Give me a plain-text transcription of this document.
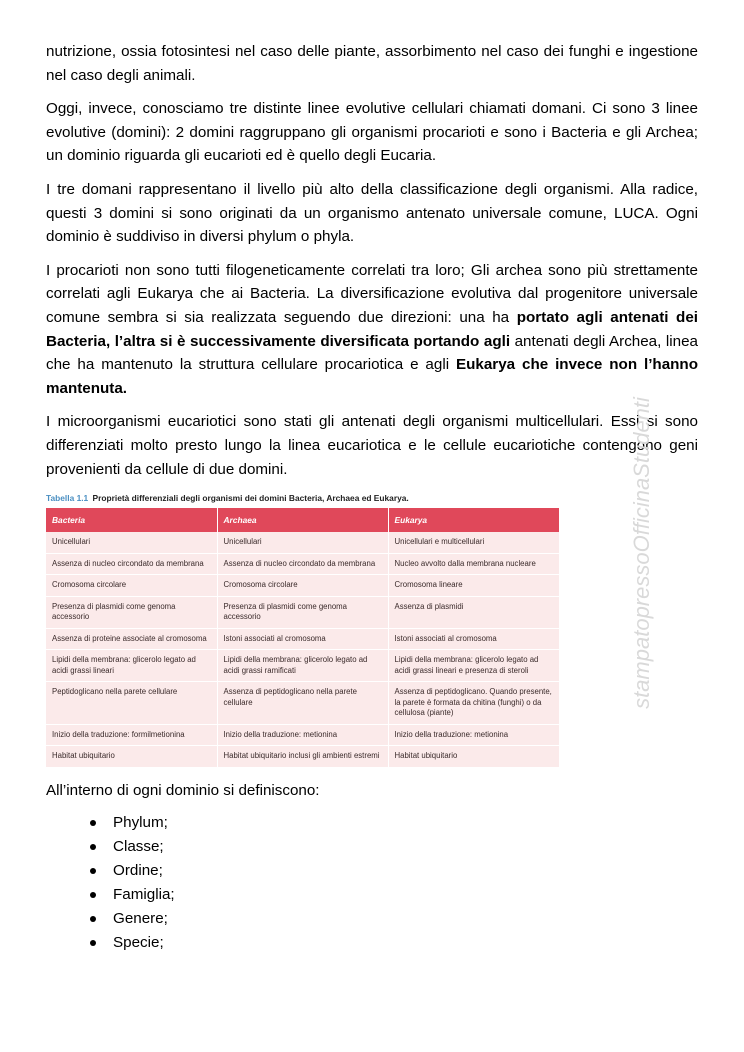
nutrizione, ossia fotosintesi nel caso delle piante, assorbimento nel caso dei funghi e ingestione nel caso degli animali.

Oggi, invece, conosciamo tre distinte linee evolutive cellulari chiamati domani. Ci sono 3 linee evolutive (domini): 2 domini raggruppano gli organismi procarioti e sono i Bacteria e gli Archea; un dominio riguarda gli eucarioti ed è quello degli Eucaria.

I tre domani rappresentano il livello più alto della classificazione degli organismi. Alla radice, questi 3 domini si sono originati da un organismo antenato universale comune, LUCA. Ogni dominio è suddiviso in diversi phylum o phyla.

I procarioti non sono tutti filogeneticamente correlati tra loro; Gli archea sono più strettamente correlati agli Eukarya che ai Bacteria. La diversificazione evolutiva dal progenitore universale comune sembra si sia realizzata seguendo due direzioni: una ha portato agli antenati dei Bacteria, l’altra si è successivamente diversificata portando agli antenati degli Archea, linea che ha mantenuto la struttura cellulare procariotica e agli Eukarya che invece non l’hanno mantenuta.

I microorganismi eucariotici sono stati gli antenati degli organismi multicellulari. Essi si sono differenziati molto presto lungo la linea eucariotica e le cellule eucariotiche contengono geni provenienti da cellule di due domini.

Tabella 1.1 Proprietà differenziali degli organismi dei domini Bacteria, Archaea ed Eukarya.
Bacteria	Archaea	Eukarya
Unicellulari	Unicellulari	Unicellulari e multicellulari
Assenza di nucleo circondato da membrana	Assenza di nucleo circondato da membrana	Nucleo avvolto dalla membrana nucleare
Cromosoma circolare	Cromosoma circolare	Cromosoma lineare
Presenza di plasmidi come genoma accessorio	Presenza di plasmidi come genoma accessorio	Assenza di plasmidi
Assenza di proteine associate al cromosoma	Istoni associati al cromosoma	Istoni associati al cromosoma
Lipidi della membrana: glicerolo legato ad acidi grassi lineari	Lipidi della membrana: glicerolo legato ad acidi grassi ramificati	Lipidi della membrana: glicerolo legato ad acidi grassi lineari e presenza di steroli
Peptidoglicano nella parete cellulare	Assenza di peptidoglicano nella parete cellulare	Assenza di peptidoglicano. Quando presente, la parete è formata da chitina (funghi) o da cellulosa (piante)
Inizio della traduzione: formilmetionina	Inizio della traduzione: metionina	Inizio della traduzione: metionina
Habitat ubiquitario	Habitat ubiquitario inclusi gli ambienti estremi	Habitat ubiquitario
All’interno di ogni dominio si definiscono:
Phylum;
Classe;
Ordine;
Famiglia;
Genere;
Specie;
stampatopressoOfficinaStudenti
